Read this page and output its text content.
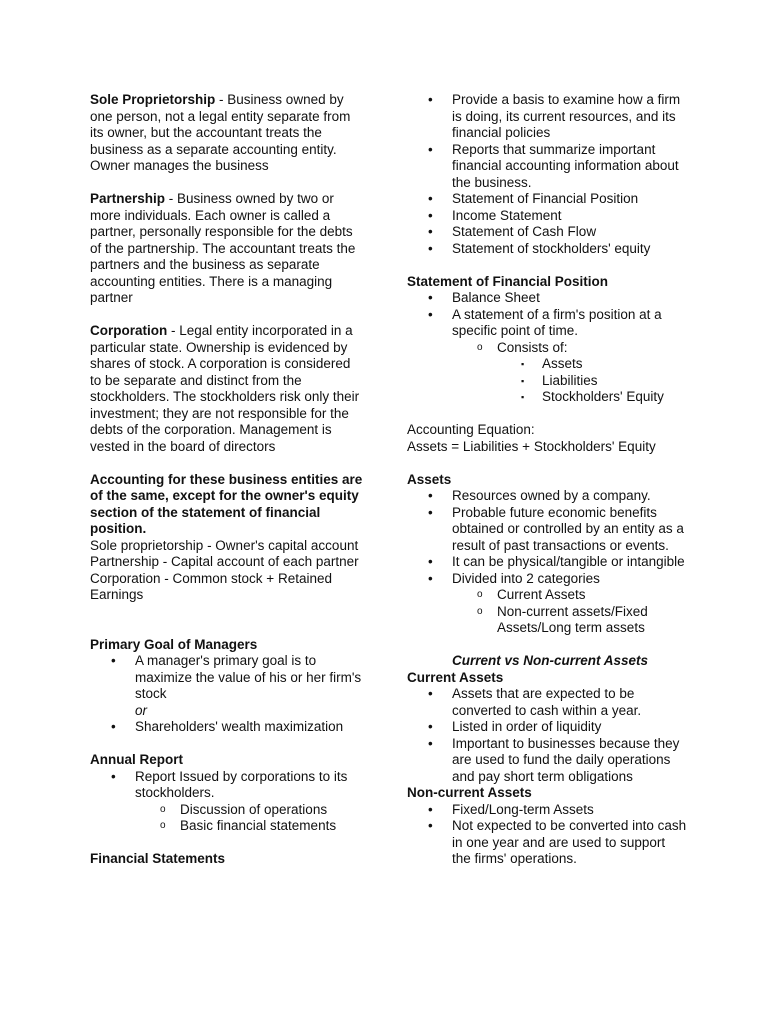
Sole Proprietorship - Business owned by one person, not a legal entity separate from its owner, but the accountant treats the business as a separate accounting entity. Owner manages the business

Partnership - Business owned by two or more individuals. Each owner is called a partner, personally responsible for the debts of the partnership. The accountant treats the partners and the business as separate accounting entities. There is a managing partner

Corporation - Legal entity incorporated in a particular state. Ownership is evidenced by shares of stock. A corporation is considered to be separate and distinct from the stockholders. The stockholders risk only their investment; they are not responsible for the debts of the corporation. Management is vested in the board of directors

Accounting for these business entities are of the same, except for the owner's equity section of the statement of financial position.

Sole proprietorship - Owner's capital account

Partnership - Capital account of each partner

Corporation - Common stock + Retained Earnings

Primary Goal of Managers

• A manager's primary goal is to maximize the value of his or her firm's stock
or
• Shareholders' wealth maximization

Annual Report

• Report Issued by corporations to its stockholders.
o Discussion of operations
o Basic financial statements

Financial Statements

• Provide a basis to examine how a firm is doing, its current resources, and its financial policies
• Reports that summarize important financial accounting information about the business.
• Statement of Financial Position
• Income Statement
• Statement of Cash Flow
• Statement of stockholders' equity

Statement of Financial Position

• Balance Sheet
• A statement of a firm's position at a specific point of time.
o Consists of:
▪ Assets
▪ Liabilities
▪ Stockholders' Equity

Accounting Equation:

Assets = Liabilities + Stockholders' Equity

Assets

• Resources owned by a company.
• Probable future economic benefits obtained or controlled by an entity as a result of past transactions or events.
• It can be physical/tangible or intangible
• Divided into 2 categories
o Current Assets
o Non-current assets/Fixed Assets/Long term assets

Current vs Non-current Assets

Current Assets

• Assets that are expected to be converted to cash within a year.
• Listed in order of liquidity
• Important to businesses because they are used to fund the daily operations and pay short term obligations

Non-current Assets

• Fixed/Long-term Assets
• Not expected to be converted into cash in one year and are used to support the firms' operations.
